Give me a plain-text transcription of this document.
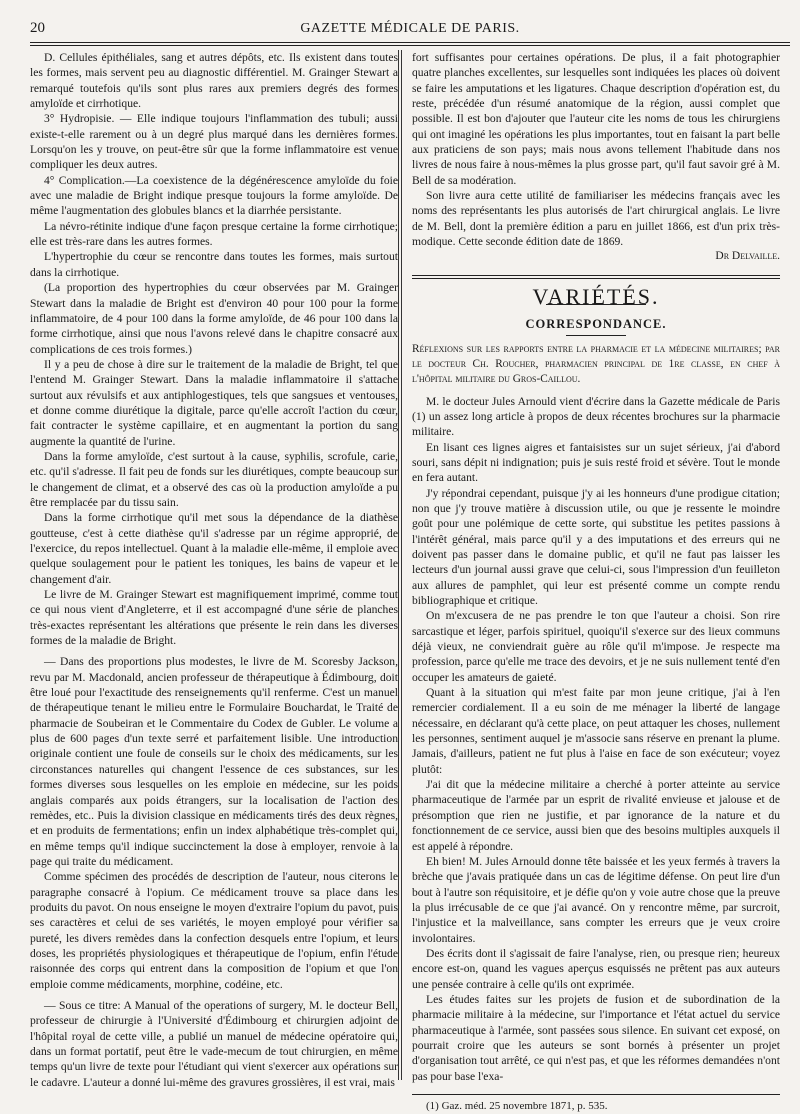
20	GAZETTE MÉDICALE DE PARIS.

D. Cellules épithéliales, sang et autres dépôts, etc. Ils existent dans toutes les formes, mais servent peu au diagnostic différentiel. M. Grainger Stewart a remarqué toutefois qu'ils sont plus rares aux premiers degrés des formes amyloïde et cirrhotique.

3° Hydropisie. — Elle indique toujours l'inflammation des tubuli; aussi existe-t-elle rarement ou à un degré plus marqué dans les dernières formes. Lorsqu'on les y trouve, on peut-être sûr que la forme inflammatoire est venue compliquer les deux autres.

4° Complication.—La coexistence de la dégénérescence amyloïde du foie avec une maladie de Bright indique presque toujours la forme amyloïde. De même l'augmentation des globules blancs et la diarrhée persistante.

La névro-rétinite indique d'une façon presque certaine la forme cirrhotique; elle est très-rare dans les autres formes.

L'hypertrophie du cœur se rencontre dans toutes les formes, mais surtout dans la cirrhotique.

(La proportion des hypertrophies du cœur observées par M. Grainger Stewart dans la maladie de Bright est d'environ 40 pour 100 pour la forme inflammatoire, de 4 pour 100 dans la forme amyloïde, de 46 pour 100 dans la forme cirrhotique, ainsi que nous l'avons relevé dans le chapitre consacré aux complications de ces trois formes.)

Il y a peu de chose à dire sur le traitement de la maladie de Bright, tel que l'entend M. Grainger Stewart. Dans la maladie inflammatoire il s'attache surtout aux révulsifs et aux antiphlogestiques, tels que sangsues et ventouses, et donne comme diurétique la digitale, parce qu'elle accroît l'action du cœur, fait contracter le système capillaire, et en augmentant la portion du sang augmente la quantité de l'urine.

Dans la forme amyloïde, c'est surtout à la cause, syphilis, scrofule, carie, etc. qu'il s'adresse. Il fait peu de fonds sur les diurétiques, compte beaucoup sur le changement de climat, et a observé des cas où la production amyloïde a pu être remplacée par du tissu sain.

Dans la forme cirrhotique qu'il met sous la dépendance de la diathèse goutteuse, c'est à cette diathèse qu'il s'adresse par un régime approprié, de l'exercice, du repos intellectuel. Quant à la maladie elle-même, il emploie avec quelque soulagement pour le patient les toniques, les bains de vapeur et le changement d'air.

Le livre de M. Grainger Stewart est magnifiquement imprimé, comme tout ce qui nous vient d'Angleterre, et il est accompagné d'une série de planches très-exactes représentant les altérations que présente le rein dans les diverses formes de la maladie de Bright.

— Dans des proportions plus modestes, le livre de M. Scoresby Jackson, revu par M. Macdonald, ancien professeur de thérapeutique à Édimbourg, doit être loué pour l'exactitude des renseignements qu'il renferme. C'est un manuel de thérapeutique tenant le milieu entre le Formulaire Bouchardat, le Traité de pharmacie de Soubeiran et le Commentaire du Codex de Gubler. Le volume a plus de 600 pages d'un texte serré et parfaitement lisible. Une introduction originale contient une foule de conseils sur le choix des médicaments, sur les circonstances naturelles qui changent l'essence de ces substances, sur les formes diverses sous lesquelles on les emploie en médecine, sur les poids anglais comparés aux poids étrangers, sur la localisation de l'action des remèdes, etc.. Puis la division classique en médicaments tirés des deux règnes, et en produits de fermentations; enfin un index alphabétique très-complet qui, en même temps qu'il indique succinctement la dose à employer, renvoie à la page qui traite du médicament.

Comme spécimen des procédés de description de l'auteur, nous citerons le paragraphe consacré à l'opium. Ce médicament trouve sa place dans les produits du pavot. On nous enseigne le moyen d'extraire l'opium du pavot, puis ses caractères et celui de ses variétés, le moyen employé pour vérifier sa pureté, les divers remèdes dans la confection desquels entre l'opium, et leurs doses, les propriétés physiologiques et thérapeutique de l'opium, enfin l'étude raisonnée des corps qui entrent dans la composition de l'opium et que l'on emploie comme médicaments, morphine, codéine, etc.

— Sous ce titre: A Manual of the operations of surgery, M. le docteur Bell, professeur de chirurgie à l'Université d'Édimbourg et chirurgien adjoint de l'hôpital royal de cette ville, a publié un manuel de médecine opératoire qui, dans un format portatif, peut être le vade-mecum de tout chirurgien, en même temps qu'un livre de texte pour l'étudiant qui vient s'exercer aux opérations sur le cadavre. L'auteur a donné lui-même des gravures grossières, il est vrai, mais

fort suffisantes pour certaines opérations. De plus, il a fait photographier quatre planches excellentes, sur lesquelles sont indiquées les places où doivent se faire les amputations et les ligatures. Chaque description d'opération est, du reste, précédée d'un résumé anatomique de la région, aussi complet que possible. Il est bon d'ajouter que l'auteur cite les noms de tous les chirurgiens qui ont imaginé les opérations les plus importantes, tout en faisant la part belle aux praticiens de son pays; mais nous avons tellement l'habitude dans nos livres de nous faire à nous-mêmes la plus grosse part, qu'il faut savoir gré à M. Bell de sa modération.

Son livre aura cette utilité de familiariser les médecins français avec les noms des représentants les plus autorisés de l'art chirurgical anglais. Le livre de M. Bell, dont la première édition a paru en juillet 1866, est d'un prix très-modique. Cette seconde édition date de 1869.

Dr Delvaille.

VARIÉTÉS.

CORRESPONDANCE.

Réflexions sur les rapports entre la pharmacie et la médecine militaires; par le docteur Ch. Roucher, pharmacien principal de 1re classe, en chef à l'hôpital militaire du Gros-Caillou.

M. le docteur Jules Arnould vient d'écrire dans la Gazette médicale de Paris (1) un assez long article à propos de deux récentes brochures sur la pharmacie militaire.

En lisant ces lignes aigres et fantaisistes sur un sujet sérieux, j'ai d'abord souri, sans dépit ni indignation; puis je suis resté froid et sévère. Tout le monde en fera autant.

J'y répondrai cependant, puisque j'y ai les honneurs d'une prodigue citation; non que j'y trouve matière à discussion utile, ou que je ressente le moindre goût pour une polémique de cette sorte, qui substitue les petites passions à l'intérêt général, mais parce qu'il y a des imputations et des erreurs qui ne doivent pas passer dans le domaine public, et qu'il ne faut pas laisser les lecteurs d'un journal aussi grave que celui-ci, sous l'impression d'un feuilleton aux allures de pamphlet, qui leur est présenté comme un compte rendu bibliographique et critique.

On m'excusera de ne pas prendre le ton que l'auteur a choisi. Son rire sarcastique et léger, parfois spirituel, quoiqu'il s'exerce sur des lieux communs déjà vieux, ne conviendrait guère au rôle qu'il m'impose. Je respecte ma profession, parce qu'elle me trace des devoirs, et je ne suis nullement tenté d'en occuper les amateurs de gaieté.

Quant à la situation qui m'est faite par mon jeune critique, j'ai à l'en remercier cordialement. Il a eu soin de me ménager la liberté de langage nécessaire, en déclarant qu'à cette place, on peut attaquer les choses, nullement les personnes, sentiment auquel je m'associe sans réserve en prenant la plume. Jamais, d'ailleurs, patient ne fut plus à l'aise en face de son exécuteur; voyez plutôt:

J'ai dit que la médecine militaire a cherché à porter atteinte au service pharmaceutique de l'armée par un esprit de rivalité envieuse et jalouse et de présomption que rien ne justifie, et par ignorance de la nature et du fonctionnement de ce service, aussi bien que des besoins multiples auxquels il est appelé à répondre.

Eh bien! M. Jules Arnould donne tête baissée et les yeux fermés à travers la brèche que j'avais pratiquée dans un cas de légitime défense. On peut lire d'un bout à l'autre son réquisitoire, et je défie qu'on y voie autre chose que la preuve la plus irrécusable de ce que j'ai avancé. On y rencontre même, par surcroit, l'injustice et la malveillance, sans compter les erreurs que je veux croire involontaires.

Des écrits dont il s'agissait de faire l'analyse, rien, ou presque rien; heureux encore est-on, quand les vagues aperçus esquissés ne prêtent pas aux auteurs une pensée contraire à celle qu'ils ont exprimée.

Les études faites sur les projets de fusion et de subordination de la pharmacie militaire à la médecine, sur l'importance et l'état actuel du service pharmaceutique à l'armée, sont passées sous silence. En suivant cet exposé, on pourrait croire que les auteurs se sont bornés à présenter un projet d'organisation tout arrêté, ce qui n'est pas, et que les réformes demandées n'ont pas pour base l'exa-

(1) Gaz. méd. 25 novembre 1871, p. 535.
